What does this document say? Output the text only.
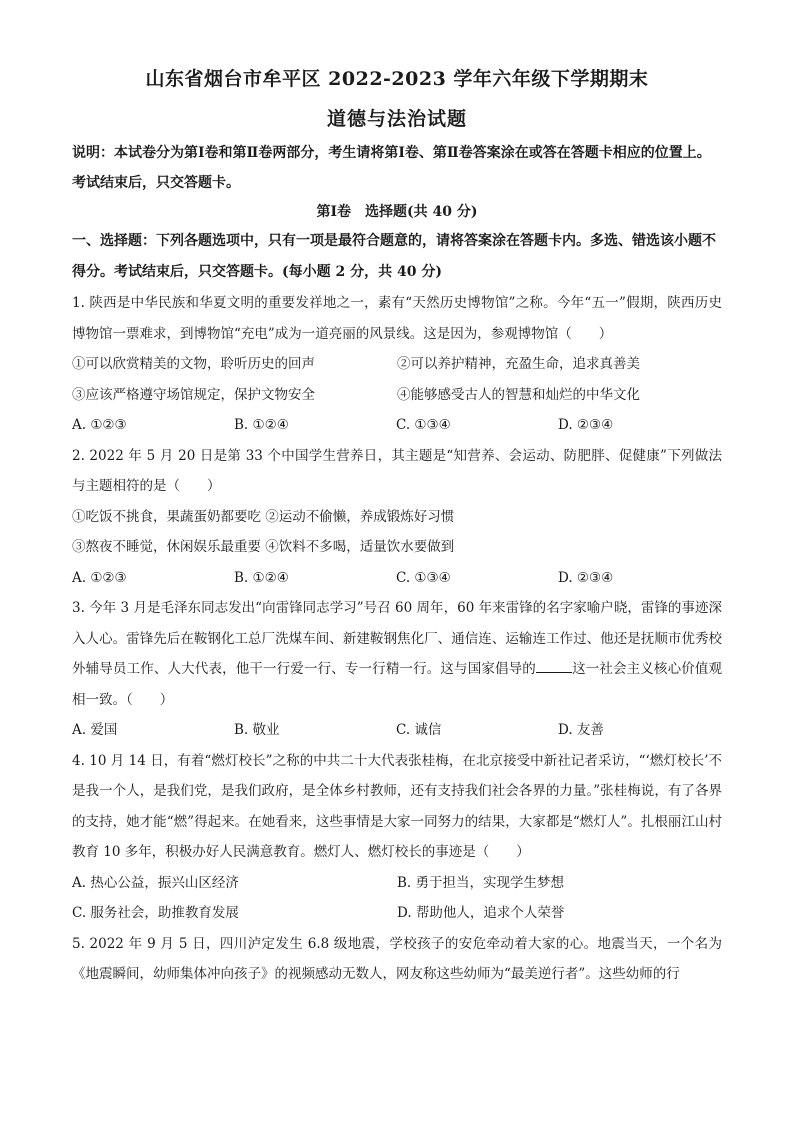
山东省烟台市牟平区 2022-2023 学年六年级下学期期末
道德与法治试题
说明：本试卷分为第Ⅰ卷和第Ⅱ卷两部分，考生请将第Ⅰ卷、第Ⅱ卷答案涂在或答在答题卡相应的位置上。考试结束后，只交答题卡。
第Ⅰ卷　选择题(共 40 分)
一、选择题：下列各题选项中，只有一项是最符合题意的，请将答案涂在答题卡内。多选、错选该小题不得分。考试结束后，只交答题卡。(每小题 2 分，共 40 分)
1. 陕西是中华民族和华夏文明的重要发祥地之一，素有“天然历史博物馆”之称。今年“五一”假期，陕西历史博物馆一票难求，到博物馆“充电”成为一道亮丽的风景线。这是因为，参观博物馆（　　）
①可以欣赏精美的文物，聆听历史的回声	②可以养护精神，充盈生命，追求真善美
③应该严格遵守场馆规定，保护文物安全	④能够感受古人的智慧和灿烂的中华文化
A. ①②③	B. ①②④	C. ①③④	D. ②③④
2. 2022 年 5 月 20 日是第 33 个中国学生营养日，其主题是“知营养、会运动、防肥胖、促健康”下列做法与主题相符的是（　　）
①吃饭不挑食，果蔬蛋奶都要吃 ②运动不偷懒，养成锻炼好习惯
③熬夜不睡觉，休闲娱乐最重要 ④饮料不多喝，适量饮水要做到
A. ①②③	B. ①②④	C. ①③④	D. ②③④
3. 今年 3 月是毛泽东同志发出“向雷锋同志学习”号召 60 周年，60 年来雷锋的名字家喻户晓，雷锋的事迹深入人心。雷锋先后在鞍钢化工总厂洗煤车间、新建鞍钢焦化厂、通信连、运输连工作过、他还是抚顺市优秀校外辅导员工作、人大代表，他干一行爱一行、专一行精一行。这与国家倡导的	这一社会主义核心价值观相一致。（　　）
A. 爱国	B. 敬业	C. 诚信	D. 友善
4. 10 月 14 日，有着“燃灯校长”之称的中共二十大代表张桂梅，在北京接受中新社记者采访，“‘燃灯校长’不是我一个人，是我们党，是我们政府，是全体乡村教师，还有支持我们社会各界的力量。”张桂梅说，有了各界的支持，她才能“燃”得起来。在她看来，这些事情是大家一同努力的结果，大家都是“燃灯人”。扎根丽江山村教育 10 多年，积极办好人民满意教育。燃灯人、燃灯校长的事迹是（　　）
A. 热心公益，振兴山区经济	B. 勇于担当，实现学生梦想
C. 服务社会，助推教育发展	D. 帮助他人，追求个人荣誉
5. 2022 年 9 月 5 日，四川泸定发生 6.8 级地震，学校孩子的安危牵动着大家的心。地震当天，一个名为《地震瞬间，幼师集体冲向孩子》的视频感动无数人，网友称这些幼师为“最美逆行者”。这些幼师的行
